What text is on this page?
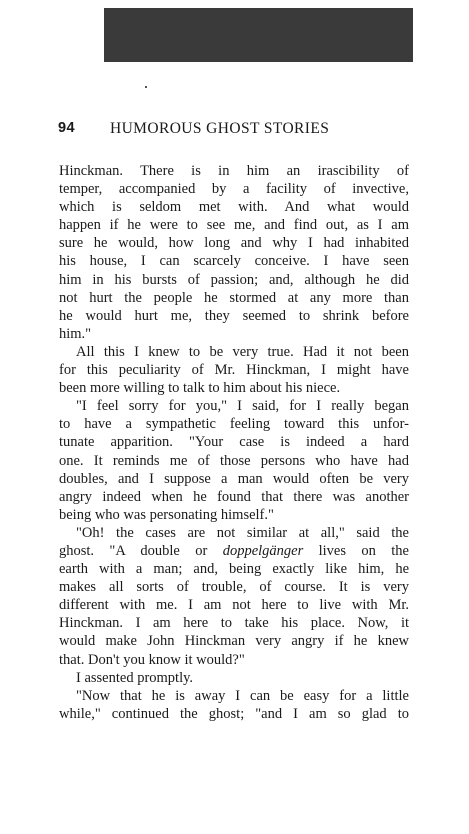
94 HUMOROUS GHOST STORIES
Hinckman. There is in him an irascibility of
temper, accompanied by a facility of invective,
which is seldom met with. And what would
happen if he were to see me, and find out, as I am
sure he would, how long and why I had inhabited
his house, I can scarcely conceive. I have seen
him in his bursts of passion; and, although he did
not hurt the people he stormed at any more than
he would hurt me, they seemed to shrink before
him."
All this I knew to be very true. Had it not been
for this peculiarity of Mr. Hinckman, I might have
been more willing to talk to him about his niece.
"I feel sorry for you," I said, for I really began
to have a sympathetic feeling toward this unfor-
tunate apparition. "Your case is indeed a hard
one. It reminds me of those persons who have had
doubles, and I suppose a man would often be very
angry indeed when he found that there was another
being who was personating himself."
"Oh! the cases are not similar at all," said the
ghost. "A double or doppelgänger lives on the
earth with a man; and, being exactly like him, he
makes all sorts of trouble, of course. It is very
different with me. I am not here to live with Mr.
Hinckman. I am here to take his place. Now, it
would make John Hinckman very angry if he knew
that. Don't you know it would?"
I assented promptly.
"Now that he is away I can be easy for a little
while," continued the ghost; "and I am so glad to
